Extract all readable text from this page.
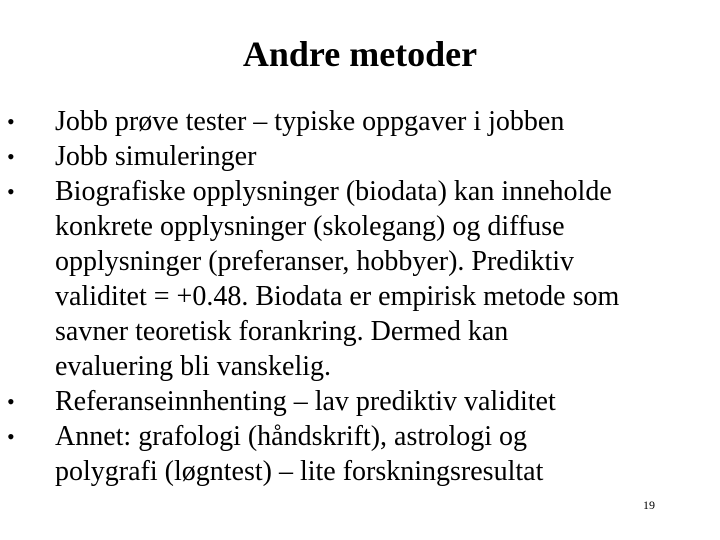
Andre metoder
• Jobb prøve tester – typiske oppgaver i jobben
• Jobb simuleringer
• Biografiske opplysninger (biodata) kan inneholde
konkrete opplysninger (skolegang) og diffuse
opplysninger (preferanser, hobbyer). Prediktiv
validitet = +0.48. Biodata er empirisk metode som
savner teoretisk forankring. Dermed kan
evaluering bli vanskelig.
• Referanseinnhenting – lav prediktiv validitet
• Annet: grafologi (håndskrift), astrologi og
polygrafi (løgntest) – lite forskningsresultat
19
